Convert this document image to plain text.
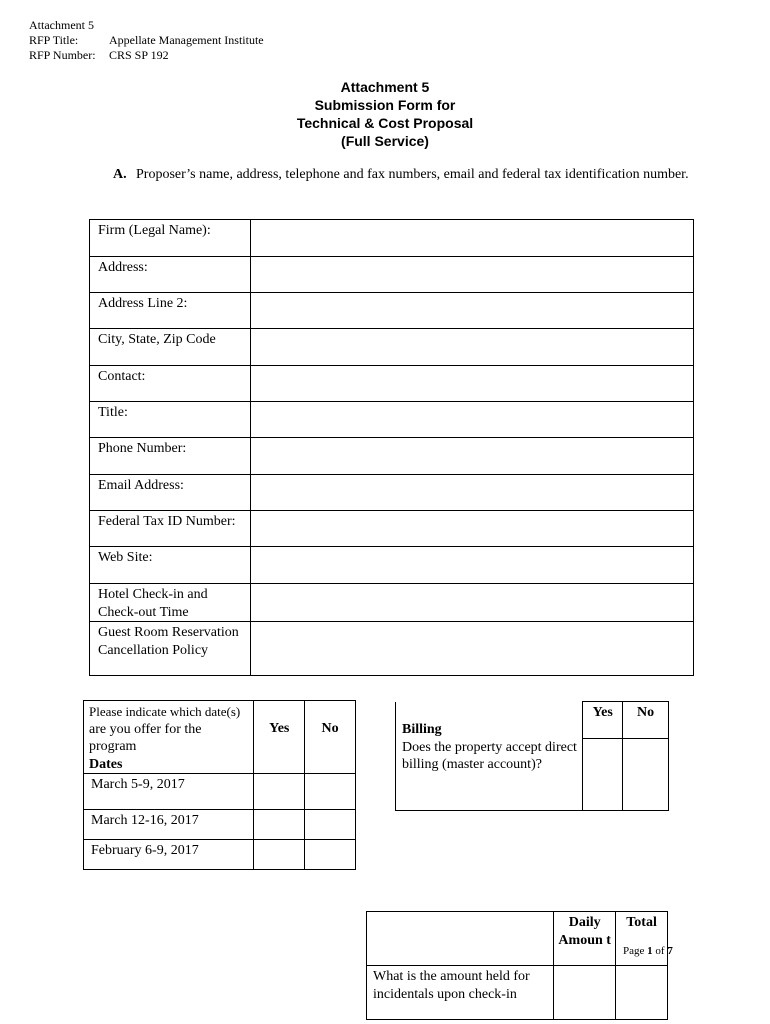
Attachment 5
RFP Title:	Appellate Management Institute
RFP Number: CRS SP 192
Attachment 5
Submission Form for
Technical & Cost Proposal
(Full Service)
A. Proposer’s name, address, telephone and fax numbers, email and federal tax identification number.
Firm (Legal Name):	
Address:	
Address Line 2:	
City, State, Zip Code	
Contact:	
Title:	
Phone Number:	
Email Address:	
Federal Tax ID Number:	
Web Site:	
Hotel Check-in and Check-out Time	
Guest Room Reservation Cancellation Policy	
Please indicate which date(s)
are you offer for the program
Dates	Yes	No
March 5-9, 2017		
March 12-16, 2017		
February 6-9, 2017		
Billing	Yes	No
Does the property accept direct billing (master account)?		
	Daily Amoun t	Total
What is the amount held for incidentals upon check-in		
Page 1 of 7
